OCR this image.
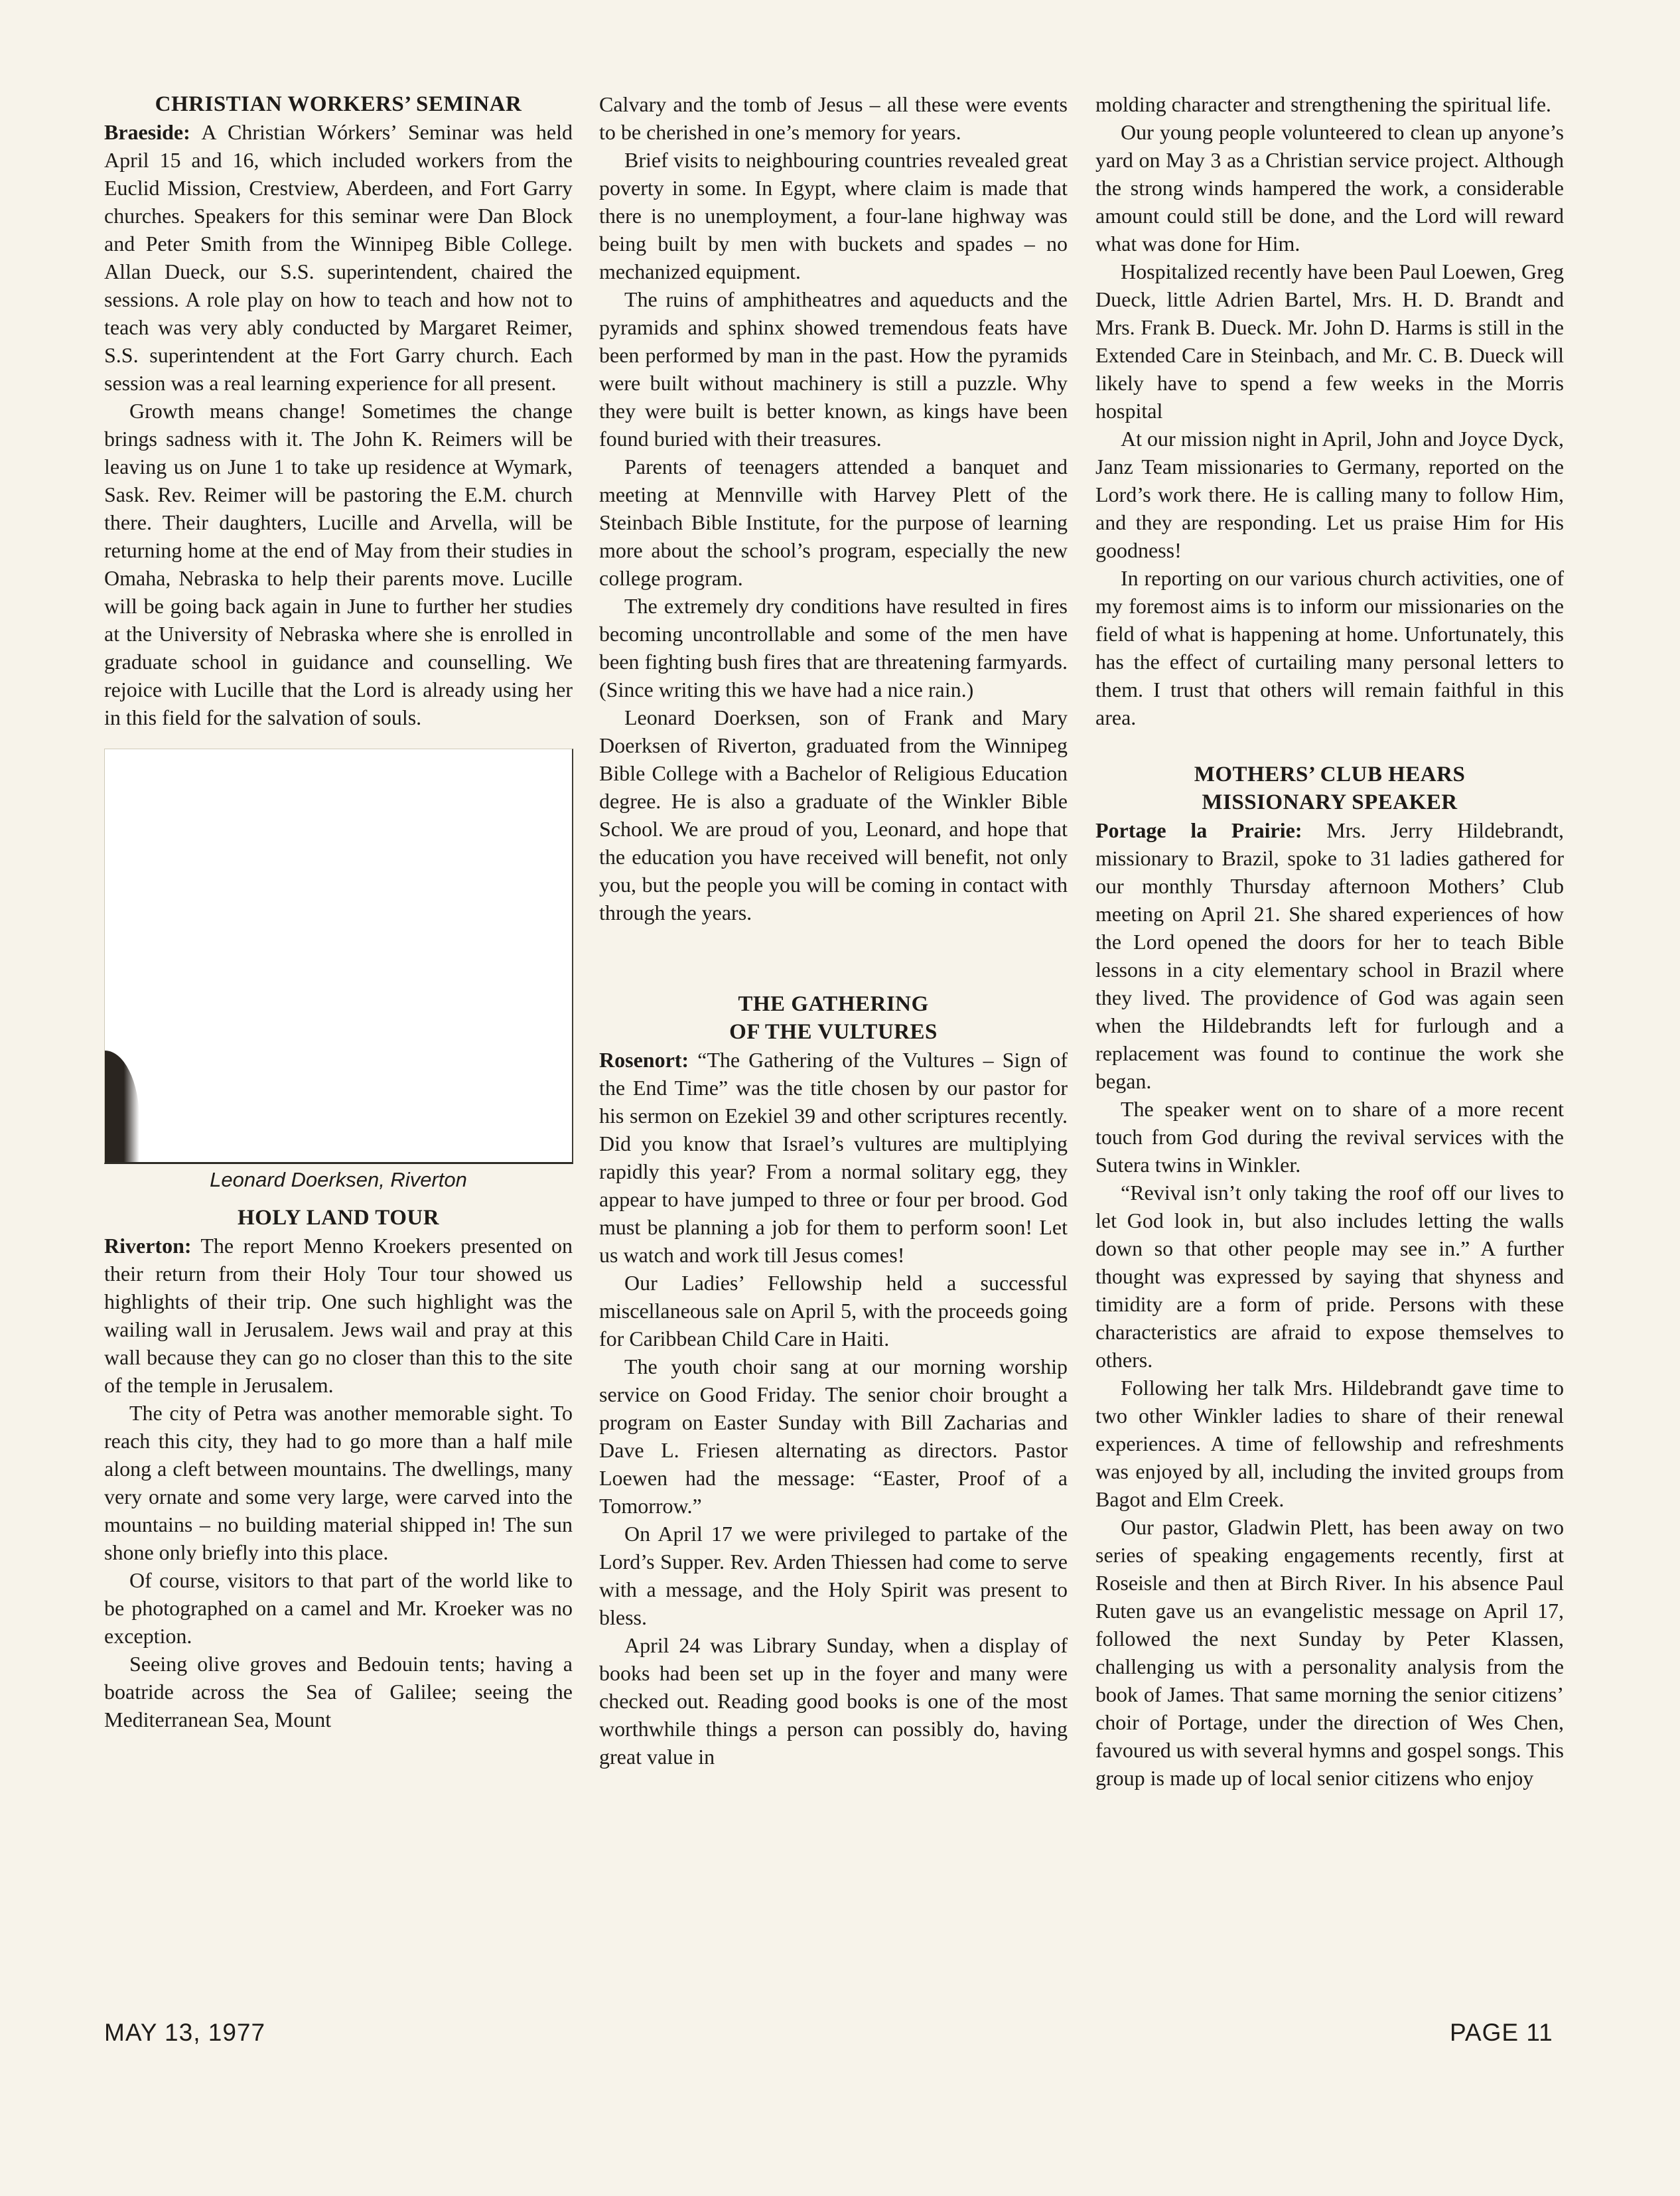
CHRISTIAN WORKERS’ SEMINAR

Braeside: A Christian Wórkers’ Seminar was held April 15 and 16, which included workers from the Euclid Mission, Crestview, Aberdeen, and Fort Garry churches. Speakers for this seminar were Dan Block and Peter Smith from the Winnipeg Bible College. Allan Dueck, our S.S. superintendent, chaired the sessions. A role play on how to teach and how not to teach was very ably conducted by Margaret Reimer, S.S. superintendent at the Fort Garry church. Each session was a real learning experience for all present.

Growth means change! Sometimes the change brings sadness with it. The John K. Reimers will be leaving us on June 1 to take up residence at Wymark, Sask. Rev. Reimer will be pastoring the E.M. church there. Their daughters, Lucille and Arvella, will be returning home at the end of May from their studies in Omaha, Nebraska to help their parents move. Lucille will be going back again in June to further her studies at the University of Nebraska where she is enrolled in graduate school in guidance and counselling. We rejoice with Lucille that the Lord is already using her in this field for the salvation of souls.

Leonard Doerksen, Riverton

HOLY LAND TOUR

Riverton: The report Menno Kroekers presented on their return from their Holy Tour tour showed us highlights of their trip. One such highlight was the wailing wall in Jerusalem. Jews wail and pray at this wall because they can go no closer than this to the site of the temple in Jerusalem.

The city of Petra was another memorable sight. To reach this city, they had to go more than a half mile along a cleft between mountains. The dwellings, many very ornate and some very large, were carved into the mountains – no building material shipped in! The sun shone only briefly into this place.

Of course, visitors to that part of the world like to be photographed on a camel and Mr. Kroeker was no exception.

Seeing olive groves and Bedouin tents; having a boatride across the Sea of Galilee; seeing the Mediterranean Sea, Mount

Calvary and the tomb of Jesus – all these were events to be cherished in one’s memory for years.

Brief visits to neighbouring countries revealed great poverty in some. In Egypt, where claim is made that there is no unemployment, a four-lane highway was being built by men with buckets and spades – no mechanized equipment.

The ruins of amphitheatres and aqueducts and the pyramids and sphinx showed tremendous feats have been performed by man in the past. How the pyramids were built without machinery is still a puzzle. Why they were built is better known, as kings have been found buried with their treasures.

Parents of teenagers attended a banquet and meeting at Mennville with Harvey Plett of the Steinbach Bible Institute, for the purpose of learning more about the school’s program, especially the new college program.

The extremely dry conditions have resulted in fires becoming uncontrollable and some of the men have been fighting bush fires that are threatening farmyards. (Since writing this we have had a nice rain.)

Leonard Doerksen, son of Frank and Mary Doerksen of Riverton, graduated from the Winnipeg Bible College with a Bachelor of Religious Education degree. He is also a graduate of the Winkler Bible School. We are proud of you, Leonard, and hope that the education you have received will benefit, not only you, but the people you will be coming in contact with through the years.

THE GATHERING

OF THE VULTURES

Rosenort: “The Gathering of the Vultures – Sign of the End Time” was the title chosen by our pastor for his sermon on Ezekiel 39 and other scriptures recently. Did you know that Israel’s vultures are multiplying rapidly this year? From a normal solitary egg, they appear to have jumped to three or four per brood. God must be planning a job for them to perform soon! Let us watch and work till Jesus comes!

Our Ladies’ Fellowship held a successful miscellaneous sale on April 5, with the proceeds going for Caribbean Child Care in Haiti.

The youth choir sang at our morning worship service on Good Friday. The senior choir brought a program on Easter Sunday with Bill Zacharias and Dave L. Friesen alternating as directors. Pastor Loewen had the message: “Easter, Proof of a Tomorrow.”

On April 17 we were privileged to partake of the Lord’s Supper. Rev. Arden Thiessen had come to serve with a message, and the Holy Spirit was present to bless.

April 24 was Library Sunday, when a display of books had been set up in the foyer and many were checked out. Reading good books is one of the most worthwhile things a person can possibly do, having great value in

molding character and strengthening the spiritual life.

Our young people volunteered to clean up anyone’s yard on May 3 as a Christian service project. Although the strong winds hampered the work, a considerable amount could still be done, and the Lord will reward what was done for Him.

Hospitalized recently have been Paul Loewen, Greg Dueck, little Adrien Bartel, Mrs. H. D. Brandt and Mrs. Frank B. Dueck. Mr. John D. Harms is still in the Extended Care in Steinbach, and Mr. C. B. Dueck will likely have to spend a few weeks in the Morris hospital

At our mission night in April, John and Joyce Dyck, Janz Team missionaries to Germany, reported on the Lord’s work there. He is calling many to follow Him, and they are responding. Let us praise Him for His goodness!

In reporting on our various church activities, one of my foremost aims is to inform our missionaries on the field of what is happening at home. Unfortunately, this has the effect of curtailing many personal letters to them. I trust that others will remain faithful in this area.

MOTHERS’ CLUB HEARS

MISSIONARY SPEAKER

Portage la Prairie: Mrs. Jerry Hildebrandt, missionary to Brazil, spoke to 31 ladies gathered for our monthly Thursday afternoon Mothers’ Club meeting on April 21. She shared experiences of how the Lord opened the doors for her to teach Bible lessons in a city elementary school in Brazil where they lived. The providence of God was again seen when the Hildebrandts left for furlough and a replacement was found to continue the work she began.

The speaker went on to share of a more recent touch from God during the revival services with the Sutera twins in Winkler.

“Revival isn’t only taking the roof off our lives to let God look in, but also includes letting the walls down so that other people may see in.” A further thought was expressed by saying that shyness and timidity are a form of pride. Persons with these characteristics are afraid to expose themselves to others.

Following her talk Mrs. Hildebrandt gave time to two other Winkler ladies to share of their renewal experiences. A time of fellowship and refreshments was enjoyed by all, including the invited groups from Bagot and Elm Creek.

Our pastor, Gladwin Plett, has been away on two series of speaking engagements recently, first at Roseisle and then at Birch River. In his absence Paul Ruten gave us an evangelistic message on April 17, followed the next Sunday by Peter Klassen, challenging us with a personality analysis from the book of James. That same morning the senior citizens’ choir of Portage, under the direction of Wes Chen, favoured us with several hymns and gospel songs. This group is made up of local senior citizens who enjoy

MAY 13, 1977	PAGE 11
